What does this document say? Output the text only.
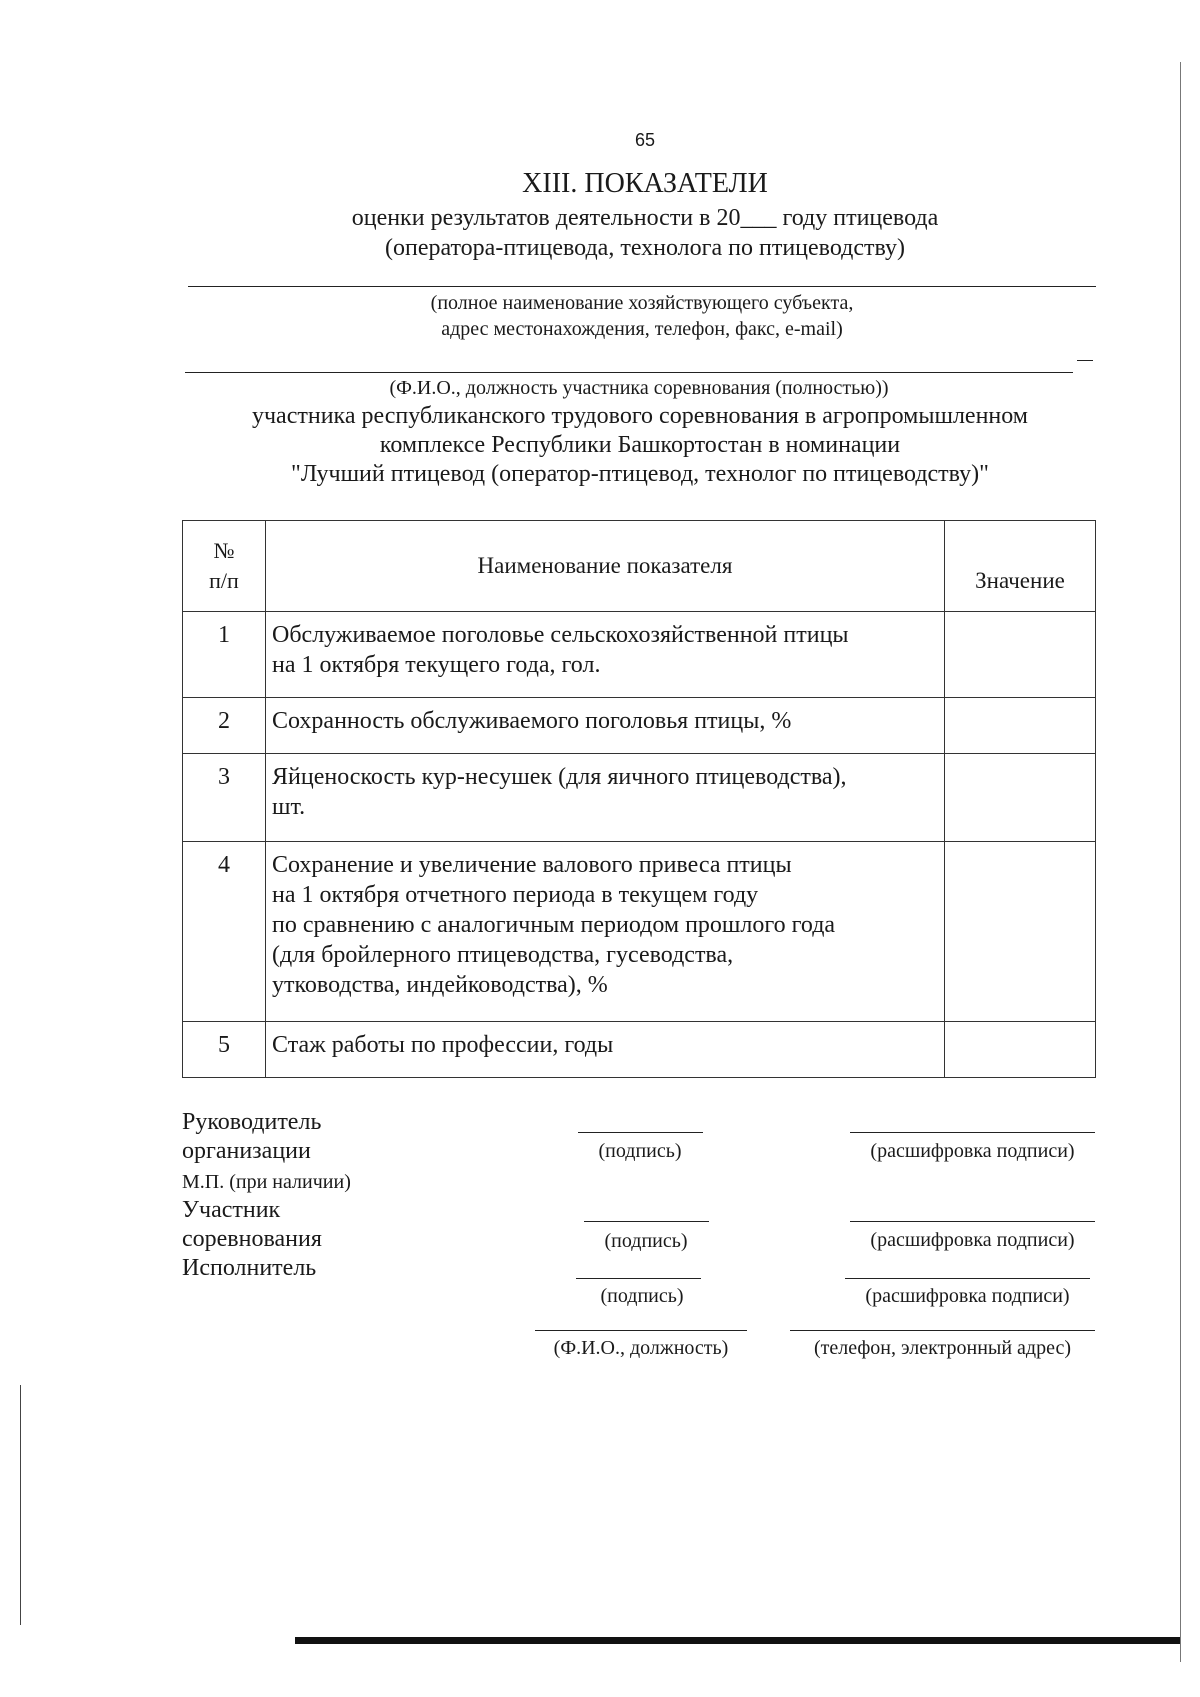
65
XIII. ПОКАЗАТЕЛИ
оценки результатов деятельности в 20___ году птицевода
(оператора-птицевода, технолога по птицеводству)
(полное наименование хозяйствующего субъекта,
адрес местонахождения, телефон, факс, e-mail)
(Ф.И.О., должность участника соревнования (полностью))
участника республиканского трудового соревнования в агропромышленном
комплексе Республики Башкортостан в номинации
"Лучший птицевод (оператор-птицевод, технолог по птицеводству)"
№
п/п	Наименование показателя	Значение
1	Обслуживаемое поголовье сельскохозяйственной птицы
на 1 октября текущего года, гол.	

2	Сохранность обслуживаемого поголовья птицы, %	

3	Яйценоскость кур-несушек (для яичного птицеводства),
шт.	

4	Сохранение и увеличение валового привеса птицы
на 1 октября отчетного периода в текущем году
по сравнению с аналогичным периодом прошлого года
(для бройлерного птицеводства, гусеводства,
утководства, индейководства), %	

5	Стаж работы по профессии, годы	

Руководитель
организации
М.П. (при наличии)
Участник
соревнования
Исполнитель
(подпись)	(расшифровка подписи)
(подпись)	(расшифровка подписи)
(подпись)	(расшифровка подписи)
(Ф.И.О., должность)	(телефон, электронный адрес)
